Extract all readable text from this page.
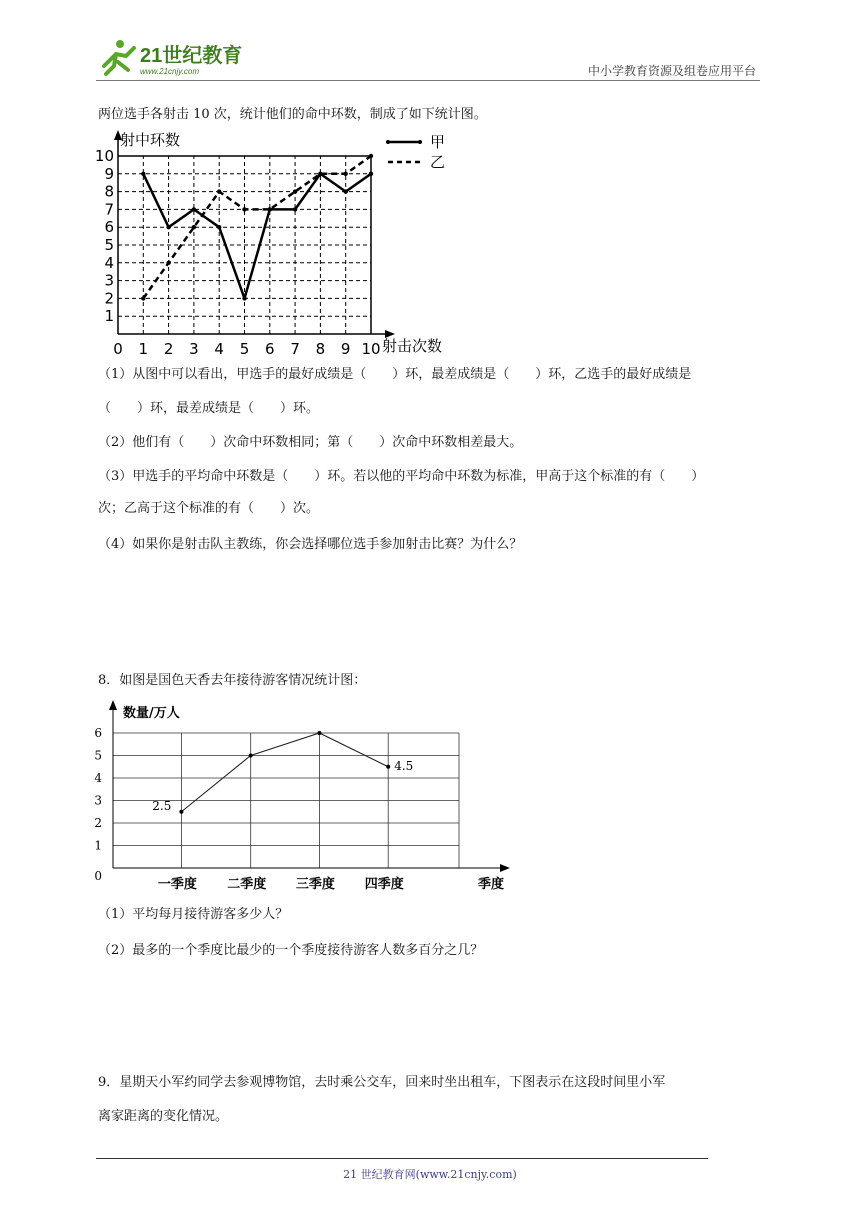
21世纪教育
www.21cnjy.com	中小学教育资源及组卷应用平台
两位选手各射击 10 次，统计他们的命中环数，制成了如下统计图。
0 1 2 3 4 5 6 7 8 9 10
1
2
3
4
5
6
7
8
9
10
射中环数
射击次数
甲
乙
（1）从图中可以看出，甲选手的最好成绩是（　　）环，最差成绩是（　　）环，乙选手的最好成绩是
（　　）环，最差成绩是（　　）环。
（2）他们有（　　）次命中环数相同；第（　　）次命中环数相差最大。
（3）甲选手的平均命中环数是（　　）环。若以他的平均命中环数为标准，甲高于这个标准的有（　　）
次；乙高于这个标准的有（　　）次。
（4）如果你是射击队主教练，你会选择哪位选手参加射击比赛？为什么？
8．如图是国色天香去年接待游客情况统计图：
0
1
2
3
4
5
6
一季度 二季度 三季度 四季度
2.5
4.5
数量/万人
季度
（1）平均每月接待游客多少人？
（2）最多的一个季度比最少的一个季度接待游客人数多百分之几？
9．星期天小军约同学去参观博物馆，去时乘公交车，回来时坐出租车，下图表示在这段时间里小军
离家距离的变化情况。
21 世纪教育网(www.21cnjy.com)
